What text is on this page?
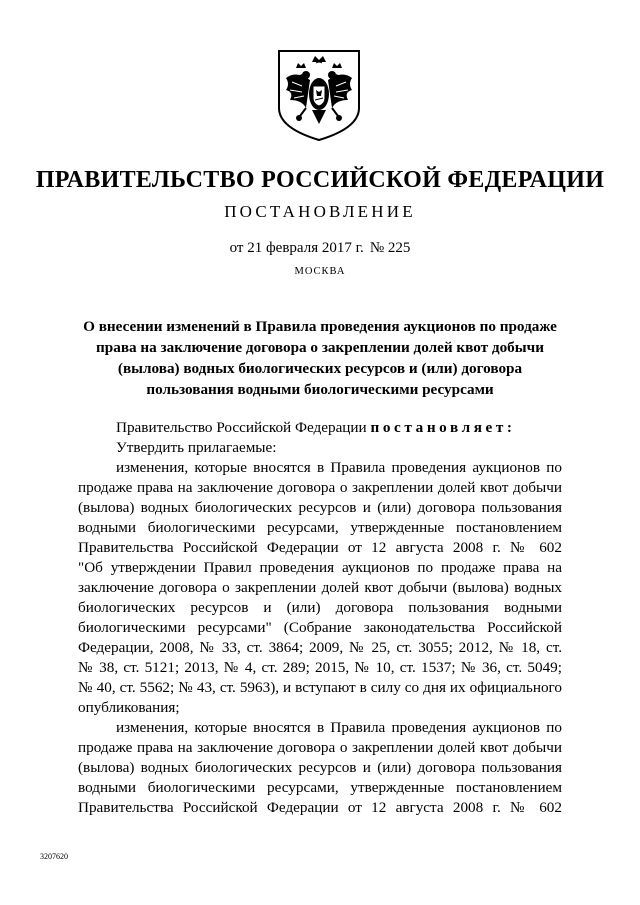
ПРАВИТЕЛЬСТВО РОССИЙСКОЙ ФЕДЕРАЦИИ
ПОСТАНОВЛЕНИЕ
от 21 февраля 2017 г. № 225
МОСКВА
О внесении изменений в Правила проведения аукционов по продаже
права на заключение договора о закреплении долей квот добычи
(вылова) водных биологических ресурсов и (или) договора
пользования водными биологическими ресурсами
Правительство Российской Федерации постановляет:
Утвердить прилагаемые:
изменения, которые вносятся в Правила проведения аукционов по
продаже права на заключение договора о закреплении долей квот добычи
(вылова) водных биологических ресурсов и (или) договора пользования
водными биологическими ресурсами, утвержденные постановлением
Правительства Российской Федерации от 12 августа 2008 г. № 602
"Об утверждении Правил проведения аукционов по продаже права на
заключение договора о закреплении долей квот добычи (вылова) водных
биологических ресурсов и (или) договора пользования водными
биологическими ресурсами" (Собрание законодательства Российской
Федерации, 2008, № 33, ст. 3864; 2009, № 25, ст. 3055; 2012, № 18, ст.
№ 38, ст. 5121; 2013, № 4, ст. 289; 2015, № 10, ст. 1537; № 36, ст. 5049;
№ 40, ст. 5562; № 43, ст. 5963), и вступают в силу со дня их официального
опубликования;
изменения, которые вносятся в Правила проведения аукционов по
продаже права на заключение договора о закреплении долей квот добычи
(вылова) водных биологических ресурсов и (или) договора пользования
водными биологическими ресурсами, утвержденные постановлением
Правительства Российской Федерации от 12 августа 2008 г. № 602
3207620
